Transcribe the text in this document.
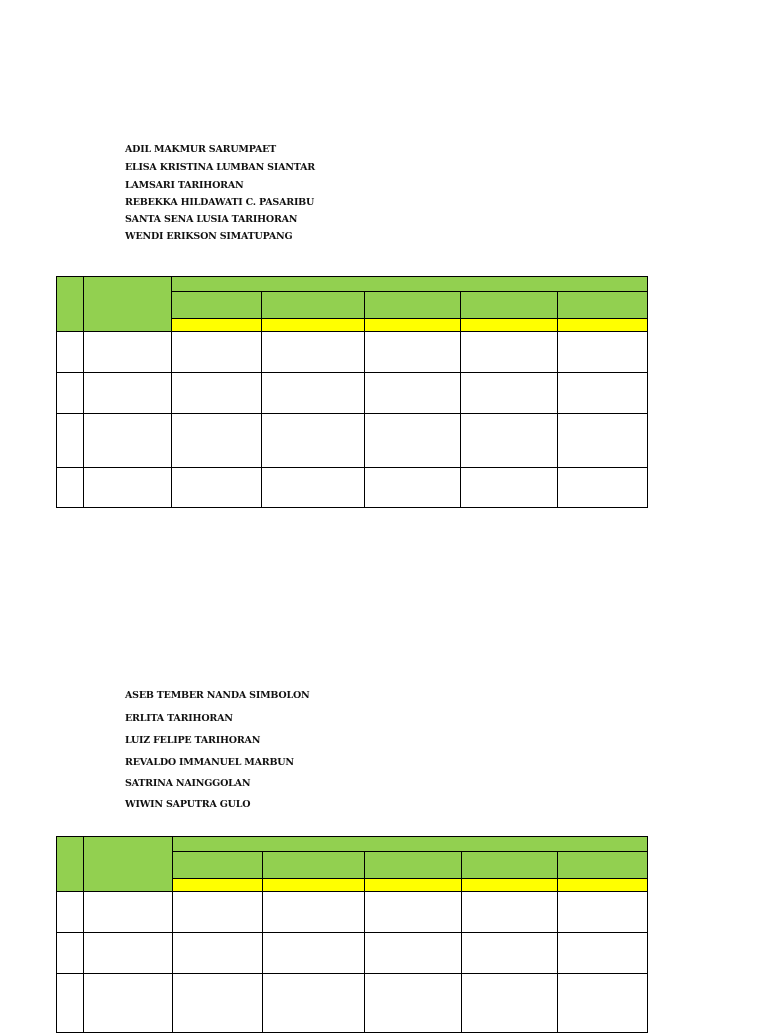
ADIL MAKMUR SARUMPAET
ELISA KRISTINA LUMBAN SIANTAR
LAMSARI TARIHORAN
REBEKKA HILDAWATI C. PASARIBU
SANTA SENA LUSIA TARIHORAN
WENDI ERIKSON SIMATUPANG
ASEB TEMBER NANDA SIMBOLON
ERLITA TARIHORAN
LUIZ FELIPE TARIHORAN
REVALDO IMMANUEL MARBUN
SATRINA NAINGGOLAN
WIWIN SAPUTRA GULO
